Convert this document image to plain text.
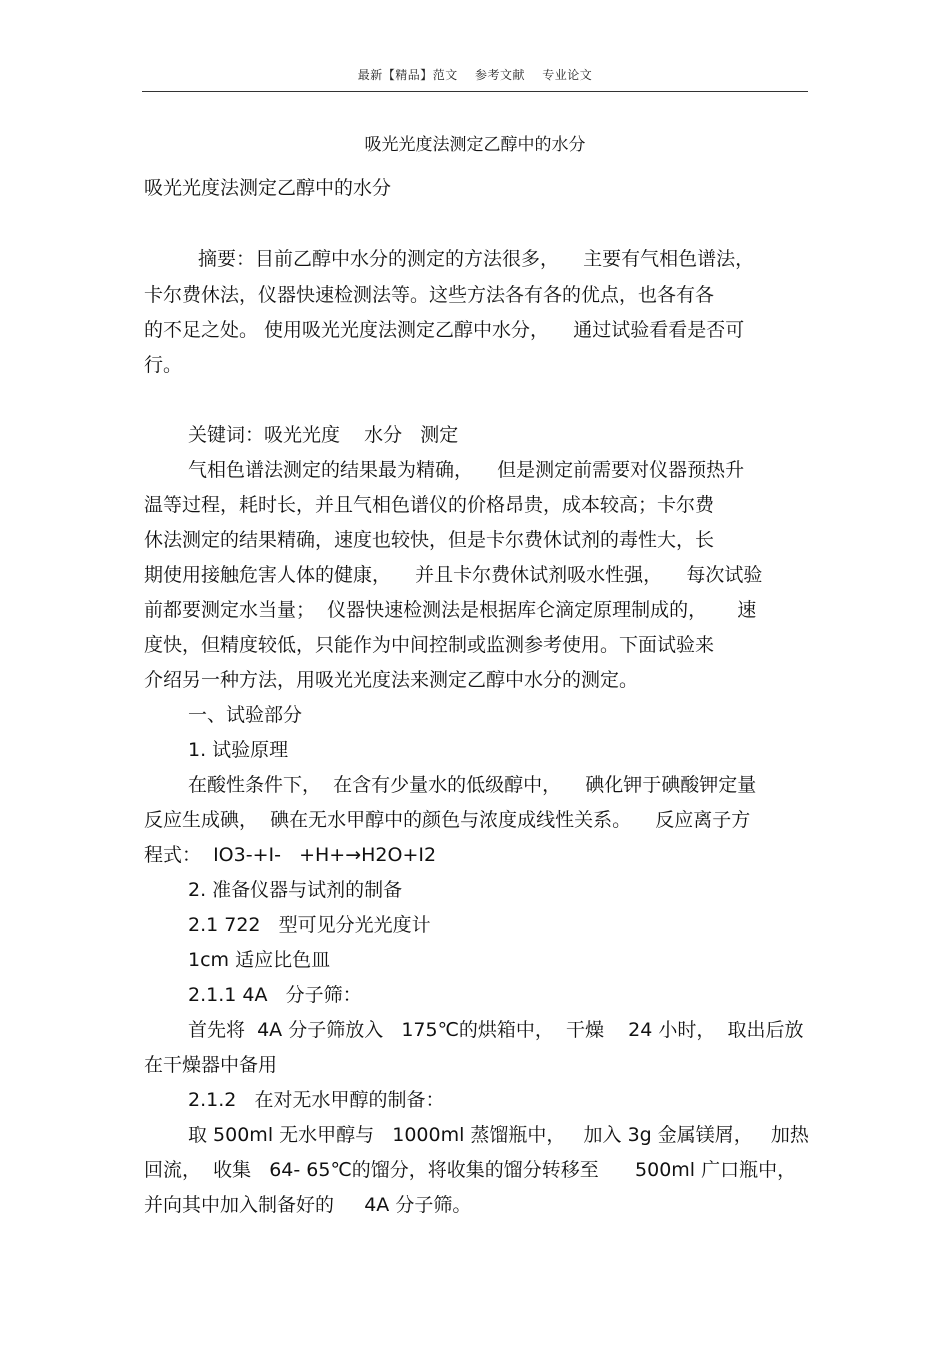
最新【精品】范文    参考文献    专业论文
吸光光度法测定乙醇中的水分
吸光光度法测定乙醇中的水分
摘要：目前乙醇中水分的测定的方法很多，    主要有气相色谱法，
卡尔费休法，仪器快速检测法等。这些方法各有各的优点，也各有各
的不足之处。 使用吸光光度法测定乙醇中水分，    通过试验看看是否可
行。
关键词：吸光光度    水分   测定
气相色谱法测定的结果最为精确，    但是测定前需要对仪器预热升
温等过程，耗时长，并且气相色谱仪的价格昂贵，成本较高；卡尔费
休法测定的结果精确，速度也较快，但是卡尔费休试剂的毒性大，长
期使用接触危害人体的健康，    并且卡尔费休试剂吸水性强，    每次试验
前都要测定水当量；  仪器快速检测法是根据库仑滴定原理制成的，     速
度快，但精度较低，只能作为中间控制或监测参考使用。下面试验来
介绍另一种方法，用吸光光度法来测定乙醇中水分的测定。
一、试验部分
1. 试验原理
在酸性条件下，  在含有少量水的低级醇中，    碘化钾于碘酸钾定量
反应生成碘，  碘在无水甲醇中的颜色与浓度成线性关系。    反应离子方
程式：  IO3-+I-   +H+→H2O+I2
2. 准备仪器与试剂的制备
2.1 722   型可见分光光度计
1cm 适应比色皿
2.1.1 4A   分子筛：
首先将  4A 分子筛放入   175℃的烘箱中，  干燥    24 小时，  取出后放
在干燥器中备用
2.1.2   在对无水甲醇的制备：
取 500ml 无水甲醇与   1000ml 蒸馏瓶中，   加入 3g 金属镁屑，   加热
回流，  收集   64- 65℃的馏分，将收集的馏分转移至      500ml 广口瓶中，
并向其中加入制备好的     4A 分子筛。
